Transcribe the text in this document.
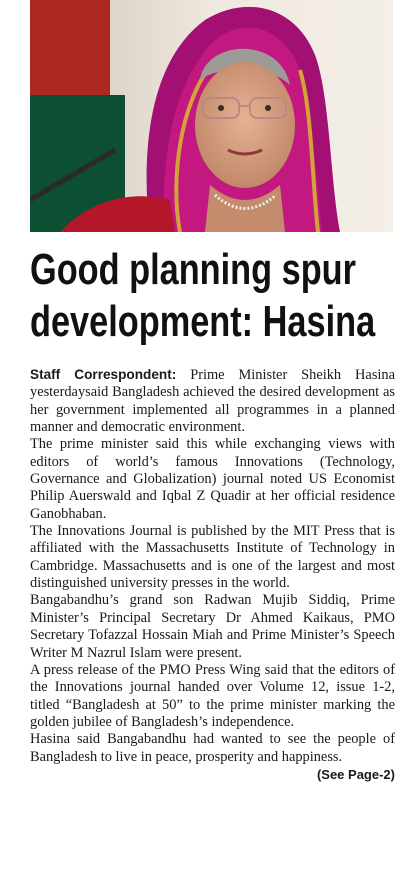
Good planning spur
development: Hasina

Staff Correspondent: Prime Minister Sheikh Hasina yesterdaysaid Bangladesh achieved the desired development as her government implemented all programmes in a planned manner and democratic environment.

The prime minister said this while exchanging views with editors of world’s famous Innovations (Technology, Governance and Globalization) journal noted US Economist Philip Auerswald and Iqbal Z Quadir at her official residence Ganobhaban.

The Innovations Journal is published by the MIT Press that is affiliated with the Massachusetts Institute of Technology in Cambridge. Massachusetts and is one of the largest and most distinguished university presses in the world.

Bangabandhu’s grand son Radwan Mujib Siddiq, Prime Minister’s Principal Secretary Dr Ahmed Kaikaus, PMO Secretary Tofazzal Hossain Miah and Prime Minister’s Speech Writer M Nazrul Islam were present.

A press release of the PMO Press Wing said that the editors of the Innovations journal handed over Volume 12, issue 1-2, titled “Bangladesh at 50” to the prime minister marking the golden jubilee of Bangladesh’s independence.

Hasina said Bangabandhu had wanted to see the people of Bangladesh to live in peace, prosperity and happiness.
(See Page-2)
